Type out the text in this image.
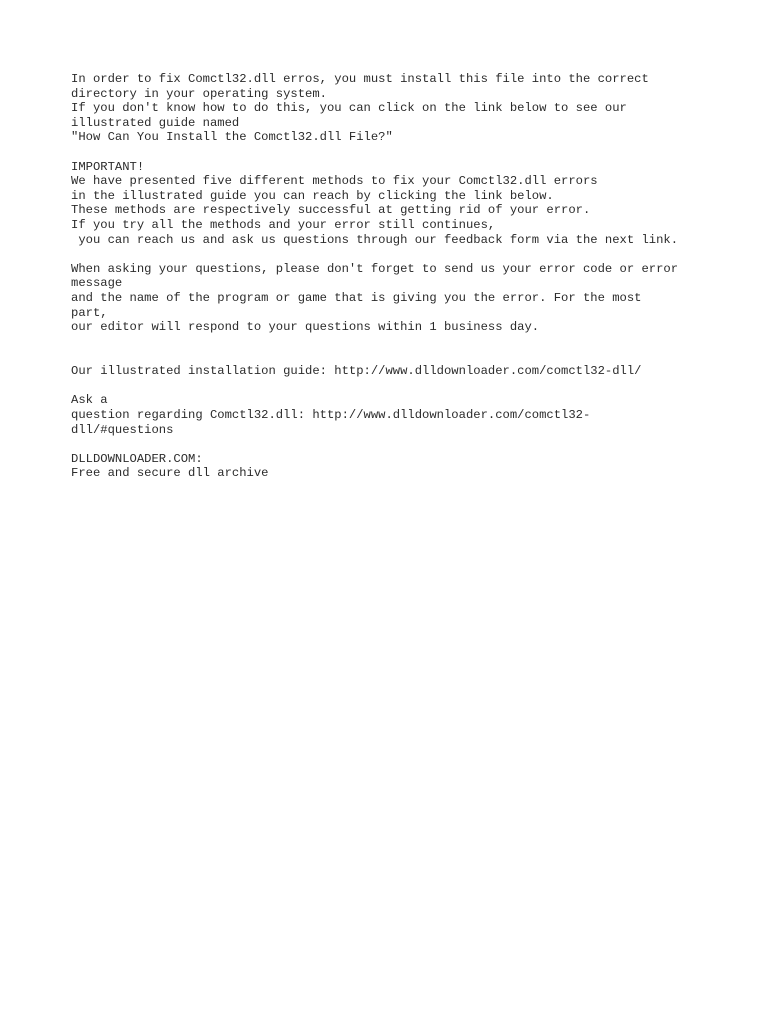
In order to fix Comctl32.dll erros, you must install this file into the correct
directory in your operating system.
If you don't know how to do this, you can click on the link below to see our
illustrated guide named
"How Can You Install the Comctl32.dll File?"
IMPORTANT!
We have presented five different methods to fix your Comctl32.dll errors
in the illustrated guide you can reach by clicking the link below.
These methods are respectively successful at getting rid of your error.
If you try all the methods and your error still continues,
you can reach us and ask us questions through our feedback form via the next link.
When asking your questions, please don't forget to send us your error code or error
message
and the name of the program or game that is giving you the error. For the most
part,
our editor will respond to your questions within 1 business day.
Our illustrated installation guide: http://www.dlldownloader.com/comctl32-dll/
Ask a
question regarding Comctl32.dll: http://www.dlldownloader.com/comctl32-
dll/#questions
DLLDOWNLOADER.COM:
Free and secure dll archive
